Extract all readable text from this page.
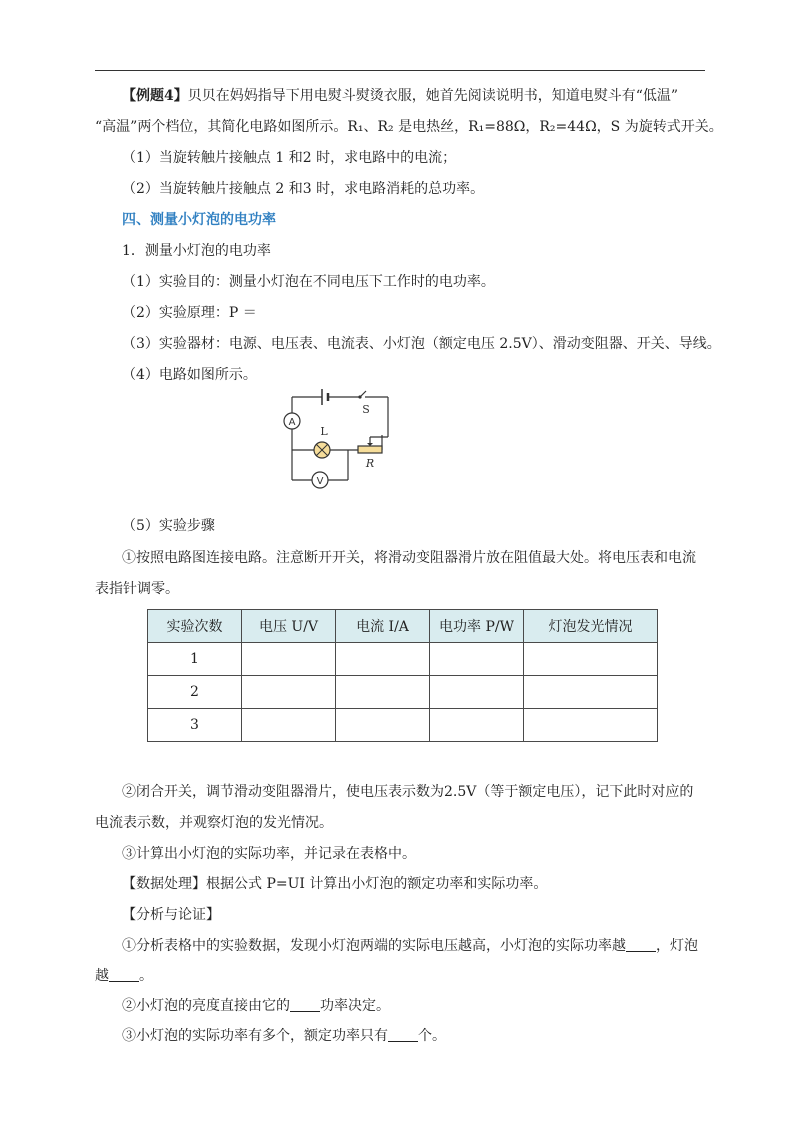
【例题4】贝贝在妈妈指导下用电熨斗熨烫衣服，她首先阅读说明书，知道电熨斗有“低温”
“高温”两个档位，其简化电路如图所示。R₁、R₂ 是电热丝，R₁=88Ω，R₂=44Ω，S 为旋转式开关。
（1）当旋转触片接触点 1 和2 时，求电路中的电流；
（2）当旋转触片接触点 2 和3 时，求电路消耗的总功率。
四、测量小灯泡的电功率
1．测量小灯泡的电功率
（1）实验目的：测量小灯泡在不同电压下工作时的电功率。
（2）实验原理：P ＝
（3）实验器材：电源、电压表、电流表、小灯泡（额定电压 2.5V）、滑动变阻器、开关、导线。
（4）电路如图所示。
A
L
S
R
V
（5）实验步骤
①按照电路图连接电路。注意断开开关，将滑动变阻器滑片放在阻值最大处。将电压表和电流
表指针调零。
实验次数	电压 U/V	电流 I/A	电功率 P/W	灯泡发光情况
1				
2				
3				
②闭合开关，调节滑动变阻器滑片，使电压表示数为2.5V（等于额定电压），记下此时对应的
电流表示数，并观察灯泡的发光情况。
③计算出小灯泡的实际功率，并记录在表格中。
【数据处理】根据公式 P=UI 计算出小灯泡的额定功率和实际功率。
【分析与论证】
①分析表格中的实验数据，发现小灯泡两端的实际电压越高，小灯泡的实际功率越 ，灯泡
越 。
②小灯泡的亮度直接由它的 功率决定。
③小灯泡的实际功率有多个，额定功率只有 个。
